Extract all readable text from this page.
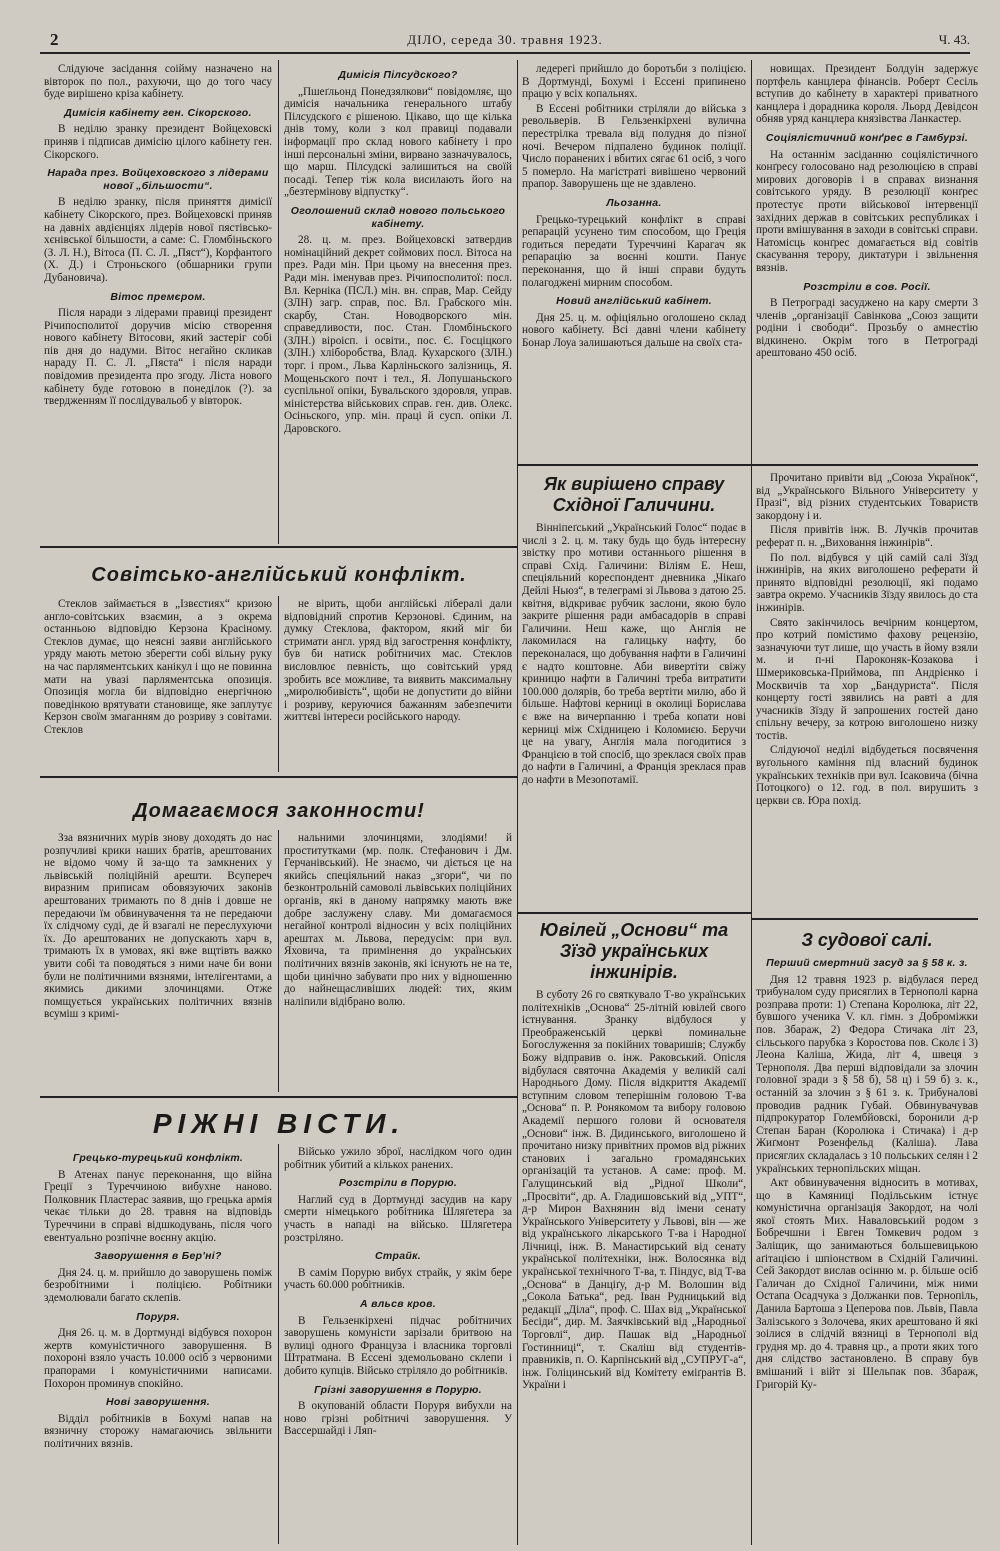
2	ДІЛО, середа 30. травня 1923.	Ч. 43.

Слідуюче засідання соійму назначено на вівторок по пол., рахуючи, що до того часу буде вирішено кріза кабінету.

Димісія кабінету ген. Сікорского.

В неділю зранку президент Войцеховскі приняв і підписав димісію цілого кабінету ген. Сікорского.

Нарада през. Войцеховского з лідерами нової „більшости“.

В неділю зранку, після приняття димісії кабінету Сікорского, през. Войцеховскі приняв на давніх авдієнціях лідерів нової пястівсько-хєнівської більшости, а саме: С. Гломбіньского (З. Л. Н.), Вітоса (П. С. Л. „Пяст“), Корфантого (Х. Д.) і Строньского (обшарники групи Дубановича).

Вітос премєром.

Після наради з лідерами правиці президент Річипосполитої доручив місію створення нового кабінету Вітосови, який застеріг собі пів дня до надуми. Вітос негайно скликав нараду П. С. Л. „Пяста“ і після наради повідомив президента про згоду. Лiста нового кабінету буде готовою в понеділок (?). за твердженням її послідувальоб у вівторок.

Димісія Пілсудского?

„Пшеґльонд Понедзялкови“ повідомляє, що димісія начальника генерального штабу Пілсудского є рішеною. Цікаво, що ще кілька днів тому, коли з кол правиці подавали інформації про склад нового кабінету і про інші персональні зміни, вирвано зазначувалось, що марш. Пілсудскі залишиться на своїй посаді. Тепер тіж кола висилають його на „безтермінову відпустку“.

Оголошений склад нового польського кабінету.

28. ц. м. през. Войцеховскі затвердив номінаційний декрет соймових посл. Вітоса на през. Ради мін. При цьому на внесення през. Ради мін. іменував през. Річипосполитої: посл. Вл. Керніка (ПСЛ.) мін. вн. справ, Мар. Сейду (ЗЛН) загр. справ, пос. Вл. Грабского мін. скарбу, Стан. Новодворского мін. справедливости, пос. Стан. Гломбіньского (ЗЛН.) віроісп. і освіти., пос. Є. Госціцкого (ЗЛН.) хліборобства, Влад. Кухарского (ЗЛН.) торг. і пром., Льва Карліньского залізниць, Я. Мощеньского почт і тел., Я. Лопушаньского суспільної опіки, Бувальского здоровля, управ. міністерства військових справ. ген. див. Олекс. Осіньского, упр. мін. праці й сусп. опіки Л. Даровского.

ледерегі прийшло до боротьби з поліцією. В Дортмунді, Бохумі і Ессені припинено працю у всіх копальнях.

В Ессені робітники стріляли до війська з револьверів. В Гельзенкірхені вулична перестрілка тревала від полудня до пізної ночі. Вечером підпалено будинок поліції. Число поранених і вбитих сягає 61 осіб, з чого 5 померло. На магістраті вивішено червоний прапор. Заворушень ще не здавлено.

Льозанна.

Грецько-турецький конфлікт в справі репарацій усунено тим способом, що Греція годиться передати Туреччині Карагач як репарацію за воєнні кошти. Панує переконання, що й інші справи будуть полагоджені мирним способом.

Новий англійський кабінет.

Дня 25. ц. м. офіціяльно оголошено склад нового кабінету. Всі давні члени кабінету Бонар Лоуа залишаються дальше на своїх ста-

новищах. Президент Болдуін задержує портфель канцлера фінансів. Роберт Сесіль вступив до кабінету в характері приватного канцлера і дорадника короля. Льорд Девідсон обняв уряд канцлера князівства Ланкастер.

Соціялістичний конґрес в Гамбурзі.

На останнім засіданню соціялістичного конґресу голосовано над резолюцією в справі мирових договорів і в справах визнання совітського уряду. В резолюції конґрес протестує проти військової інтервенції західних держав в совітських республиках і проти вмішування в заходи в совітські справи. Натомісць конґрес домагається від совітів скасування терору, диктатури і звільнення вязнів.

Розстріли в сов. Росії.

В Петрограді засуджено на кару смерти 3 членів „організації Савінкова „Союз защити родіни і свободи“. Прозьбу о амнестію відкинено. Окрім того в Петрограді арештовано 450 осіб.

Як вирішено справу Східної Галичини.

Віннiпеґський „Український Голос“ подає в числі з 2. ц. м. таку будь що будь інтересну звістку про мотиви останнього рішення в справі Схід. Галичини: Віліям Е. Неш, спеціяльний кореспондент дневника „Чікаґо Дейлі Ньюз“, в телеграмі зі Львова з датою 25. квітня, відкриває рубчик заслони, якою було закрите рішення ради амбасадорів в справі Галичини. Неш каже, що Англія не лакомилася на галицьку нафту, бо переконалася, що добування нафти в Галичині є надто коштовне. Аби вивертіти свіжу криницю нафти в Галичині треба витратити 100.000 долярів, бо треба вертіти милю, або й більше. Нафтові керниці в околиці Борислава є вже на вичерпанню і треба копати нові керниці між Східницею і Коломиєю. Беручи це на увагу, Англія мала погодитися з Францією в той спосіб, що зреклася своїх прав до нафти в Галичині, а Франція зреклася прав до нафти в Мезопотамії.

Прочитано привіти від „Союза Українок“, від „Українського Вільного Університету у Празі“, від різних студентських Товариств закордону і и.

Після привітів інж. В. Лучків прочитав реферат п. н. „Виховання інжинірів“.

По пол. відбувся у цій самій салі Зїзд інжинірів, на яких виголошено реферати й принято відповідні резолюції, які подамо завтра окремо. Учасників Зїзду явилось до ста інжинірів.

Свято закінчилось вечірним концертом, про котрий помістимо фахову рецензію, зазначуючи тут лише, що участь в йому взяли м. и п-ні Пароконяк-Козакова і Шмериковська-Приймова, пп Андрієнко і Москвичів та хор „Бандуриста“. Після концерту гості зявились на равті а для учасників Зїзду й запрошених гостей дано спільну вечеру, за котрою виголошено низку тостів.

Слідуючої неділі відбудеться посвячення вуґольного каміння під власний будинок українських техніків при вул. Ісаковича (бічна Потоцкого) о 12. год. в пол. вирушить з церкви св. Юра похід.

Совітсько-англійський конфлікт.

Стеклов займається в „Ізвєстиях“ кризою англо-совітських взаємин, а з окрема останньою відповідю Керзона Красіному. Стеклов думає, що неясні заяви англійського уряду мають метою зберегти собі вільну руку на час парляментських канікул і що не повинна мати на увазі парляментська опозиція. Опозиція могла би відповідно енергічною поведінкою врятувати становище, яке заплутує Керзон своїм змаганням до розриву з совітами. Стеклов

не вірить, щоби англійські лібералі дали відповідний спротив Керзонові. Єдиним, на думку Стеклова, фактором, який міг би стримати англ. уряд від загострення конфлікту, був би натиск робітничих мас. Стеклов висловлює певність, що совітський уряд зробить все можливе, та виявить максимальну „миролюбивість“, щоби не допустити до війни і розриву, керуючися бажанням забезпечити життєві інтереси російського народу.

Домагаємося законности!

Зза вязничних мурів знову доходять до нас розпучливі крики наших братів, арештованих не відомо чому й за-що та замкнених у львівській поліційній арешти. Всупереч виразним приписам обовязуючих законів арештованих тримають по 8 днів і довше не передаючи їм обвинувачення та не передаючи їх слідчому суді, де й взагалі не переслухуючи їх. До арештованих не допускають харч в, тримають їх в умовах, які вже вщтівть важко увити собі та поводяться з ними наче би вони були не політичними вязнями, інтелігентами, а якимись дикими злочинцями. Отже помщується українських політичних вязнів всуміш з кримі-

нальними злочинцями, злодіями! й проститутками (мр. полк. Стефанович і Дм. Герчанівський). Не знаємо, чи діється це на якийсь спеціяльний наказ „згори“, чи по безконтрольній самоволі львівських поліційних органів, які в даному напрямку мають вже добре заслужену славу. Ми домагаємося негайної контролі відносин у всіх поліційних арештах м. Львова, передусім: при вул. Яховича, та примінення до українських політичних вязнів законів, які існують не на те, щоби цинічно забувати про них у відношенню до найнещасливіших людей: тих, яким наліпили відібрано волю.

РІЖНІ ВІСТИ.
Грецько-турецький конфлікт.

В Атенах панує переконання, що війна Греції з Туреччиною вибухне наново. Полковник Пластерас заявив, що грецька армія чекає тільки до 28. травня на відповідь Туреччини в справі відшкодувань, після чого евентуально розпічне воєнну акцію.

Заворушення в Бер'ні?

Дня 24. ц. м. прийшло до заворушень поміж безробітними і поліцією. Робітники здемолювали багато склепів.

Поруря.

Дня 26. ц. м. в Дортмунді відбувся похорон жертв комуністичного заворушення. В похороні взяло участь 10.000 осіб з червоними прапорами і комуністичними написами. Похорон проминув спокійно.

Нові заворушення.

Відділ робітників в Бохумі напав на вязничну сторожу намагаючись звільнити політичних вязнів.

Військо ужило зброї, наслідком чого один робітник убитий а кількох ранених.

Розстріли в Порурю.

Наглий суд в Дортмунді засудив на кару смерти німецького робітника Шляґетера за участь в нападі на військо. Шляґетера розстріляно.

Страйк.

В самім Порурю вибух страйк, у якім бере участь 60.000 робітників.

А вльсв кров.

В Гельзенкірхені підчас робітничих заворушень комуністи зарізали бритвою на вулиці одного Француза і власника торговлі Штратмана. В Ессені здемольовано склепи і добито купців. Військо стріляло до робітників.

Грізні заворушення в Порурю.

В окупованій области Поруря вибухли на ново грізні робітничі заворушення. У Вассершайді і Ляп-

Ювілей „Основи“ та Зїзд українських інжинірів.

В суботу 26 го святкувало Т-во українських політехніків „Основа“ 25-літній ювілей свого істнування. Зранку відбулося у Преображенській церкві поминальне Богослуження за покійних товаришів; Службу Божу відправив о. інж. Раковський. Опісля відбулася святочна Академія у великій салі Народнього Дому. Після відкриття Академії вступним словом теперішнім головою Т-ва „Основа“ п. Р. Ронякомом та вибору головою Академії першого голови й основателя „Основи“ інж. В. Дидинського, виголошено й прочитано низку привітних промов від ріжних станових і загально громадянських організацій та установ. А саме: проф. М. Галущинський від „Рідної Школи“, „Просвіти“, др. А. Гладишовський від „УПТ“, д-р Мирон Вахнянин від імени сенату Українського Університету у Львові, він — же від українського лікарського Т-ва і Народної Лічниці, інж. В. Манастирський від сенату української політехніки, інж. Волосянка від української технічного Т-ва, т. Пiндус, від Т-ва „Основа“ в Данціґу, д-р М. Волошин від „Сокола Батька“, ред. Іван Рудницький від редакції „Діла“, проф. С. Шах від „Української Бесіди“, дир. М. Заячківський від „Народньої Торговлі“, дир. Пашак від „Народньої Гостинниці“, т. Скаліш від студентів-правників, п. О. Карпінський від „СУПРУГ-а“, інж. Голіцинський від Комітету еміґрантів В. України і

З судової салі.
Перший смертний засуд за § 58 к. з.

Дня 12 травня 1923 р. відбулася перед трибуналом суду присяглих в Тернополі карна розправа проти: 1) Степана Королюка, літ 22, бувшого ученика V. кл. гімн. з Доброміжки пов. Збараж, 2) Федора Стичака літ 23, сільського парубка з Коростова пов. Сколє і 3) Леона Каліша, Жида, літ 4, швеця з Тернополя. Два перші відповідали за злочин головної зради з § 58 б), 58 ц) і 59 б) з. к., останній за злочин з § 61 з. к. Трибуналові проводив радник Губай. Обвинувачував підпрокуратор Голембйовскі, боронили д-р Степан Баран (Королюка і Стичака) і д-р Жиґмонт Розенфельд (Каліша). Лава присяглих складалась з 10 польських селян і 2 українських тернопільских міщан.

Акт обвинувачення відносить в мотивах, що в Камяниці Подільським істнує комуністична організація Закордот, на чолі якої стоять Мих. Наваловський родом з Бобречшни і Евген Томкевич родом з Заліщик, що занимаються большевицькою аґітацією і шпіонством в Східній Галичині. Сей Закордот вислав осінню м. р. більше осіб Галичан до Східної Галичини, між ними Остапа Осадчука з Должанки пов. Тернопіль, Данила Бартоша з Цеперова пов. Львів, Павла Залізського з Золочева, яких арештовано й які зоілися в слідчій вязниці в Тернополі від грудня мр. до 4. травня цр., а проти яких того дня слідство застановлено. В справу був вмішаний і війт зі Шельпак пов. Збараж, Григорій Ку-
